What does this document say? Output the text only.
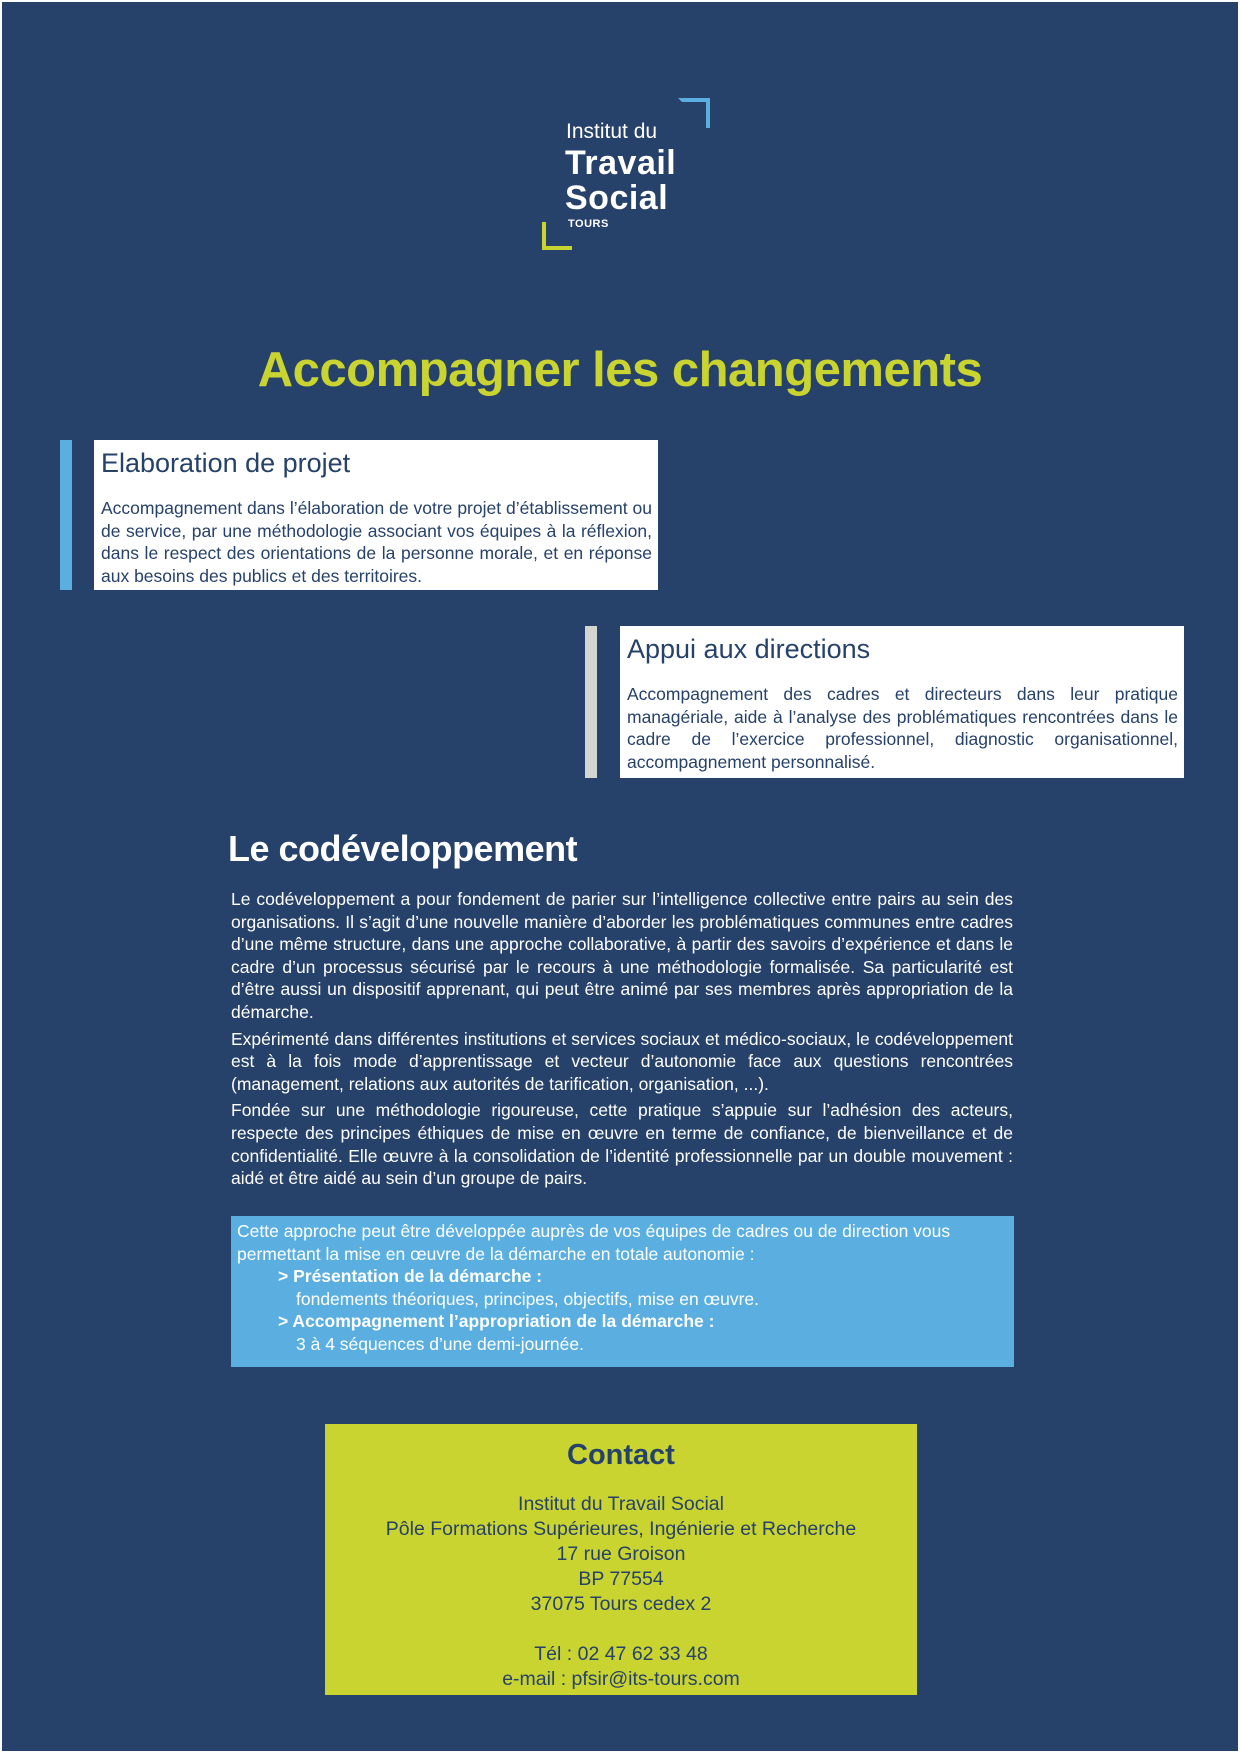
Institut du
Travail
Social
TOURS
Accompagner les changements
Elaboration de projet

Accompagnement dans l’élaboration de votre projet d’établissement ou de service, par une méthodologie associant vos équipes à la réflexion, dans le respect des orientations de la personne morale, et en réponse aux besoins des publics et des territoires.

Appui aux directions

Accompagnement des cadres et directeurs dans leur pratique managériale, aide à l’analyse des problématiques rencontrées dans le cadre de l’exercice professionnel, diagnostic organisationnel, accompagnement personnalisé.

Le codéveloppement

Le codéveloppement a pour fondement de parier sur l’intelligence collective entre pairs au sein des organisations. Il s’agit d’une nouvelle manière d’aborder les problématiques communes entre cadres d’une même structure, dans une approche collaborative, à partir des savoirs d’expérience et dans le cadre d’un processus sécurisé par le recours à une méthodologie formalisée. Sa particularité est d’être aussi un dispositif apprenant, qui peut être animé par ses membres après appropriation de la démarche.

Expérimenté dans différentes institutions et services sociaux et médico-sociaux, le codéveloppement est à la fois mode d’apprentissage et vecteur d’autonomie face aux questions rencontrées (management, relations aux autorités de tarification, organisation, ...).

Fondée sur une méthodologie rigoureuse, cette pratique s’appuie sur l’adhésion des acteurs, respecte des principes éthiques de mise en œuvre en terme de confiance, de bienveillance et de confidentialité. Elle œuvre à la consolidation de l’identité professionnelle par un double mouvement : aidé et être aidé au sein d’un groupe de pairs.

Cette approche peut être développée auprès de vos équipes de cadres ou de direction vous permettant la mise en œuvre de la démarche en totale autonomie :

> Présentation de la démarche :

fondements théoriques, principes, objectifs, mise en œuvre.

> Accompagnement l’appropriation de la démarche :

3 à 4 séquences d’une demi-journée.

Contact
Institut du Travail Social
Pôle Formations Supérieures, Ingénierie et Recherche
17 rue Groison
BP 77554
37075 Tours cedex 2
Tél : 02 47 62 33 48
e-mail : pfsir@its-tours.com
